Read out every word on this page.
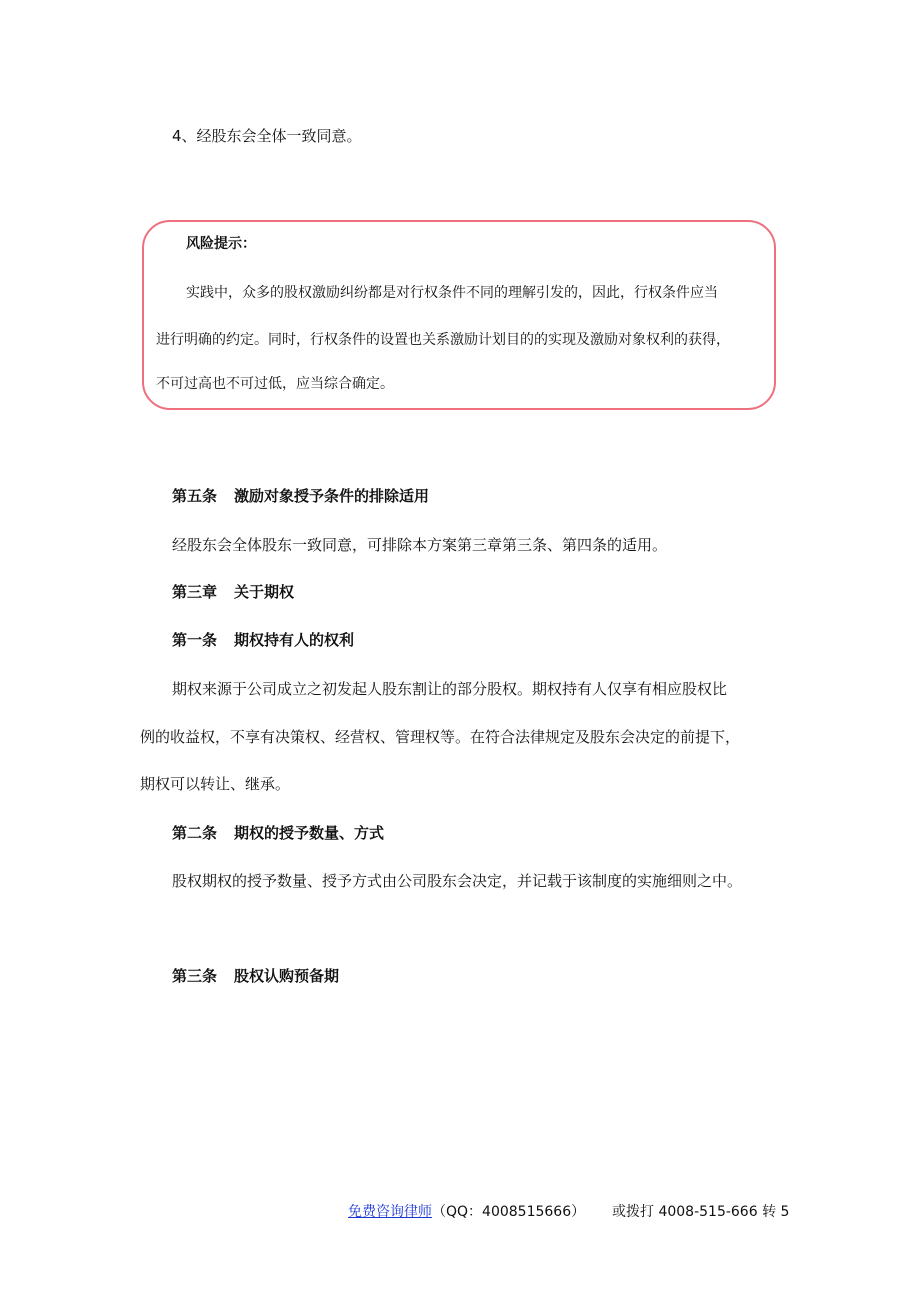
4、经股东会全体一致同意。
风险提示：
实践中，众多的股权激励纠纷都是对行权条件不同的理解引发的，因此，行权条件应当
进行明确的约定。同时，行权条件的设置也关系激励计划目的的实现及激励对象权利的获得，
不可过高也不可过低，应当综合确定。
第五条 激励对象授予条件的排除适用
经股东会全体股东一致同意，可排除本方案第三章第三条、第四条的适用。
第三章 关于期权
第一条 期权持有人的权利
期权来源于公司成立之初发起人股东割让的部分股权。期权持有人仅享有相应股权比
例的收益权，不享有决策权、经营权、管理权等。在符合法律规定及股东会决定的前提下，
期权可以转让、继承。
第二条 期权的授予数量、方式
股权期权的授予数量、授予方式由公司股东会决定，并记载于该制度的实施细则之中。
第三条 股权认购预备期
免费咨询律师（QQ：4008515666） 或拨打 4008-515-666 转 5
